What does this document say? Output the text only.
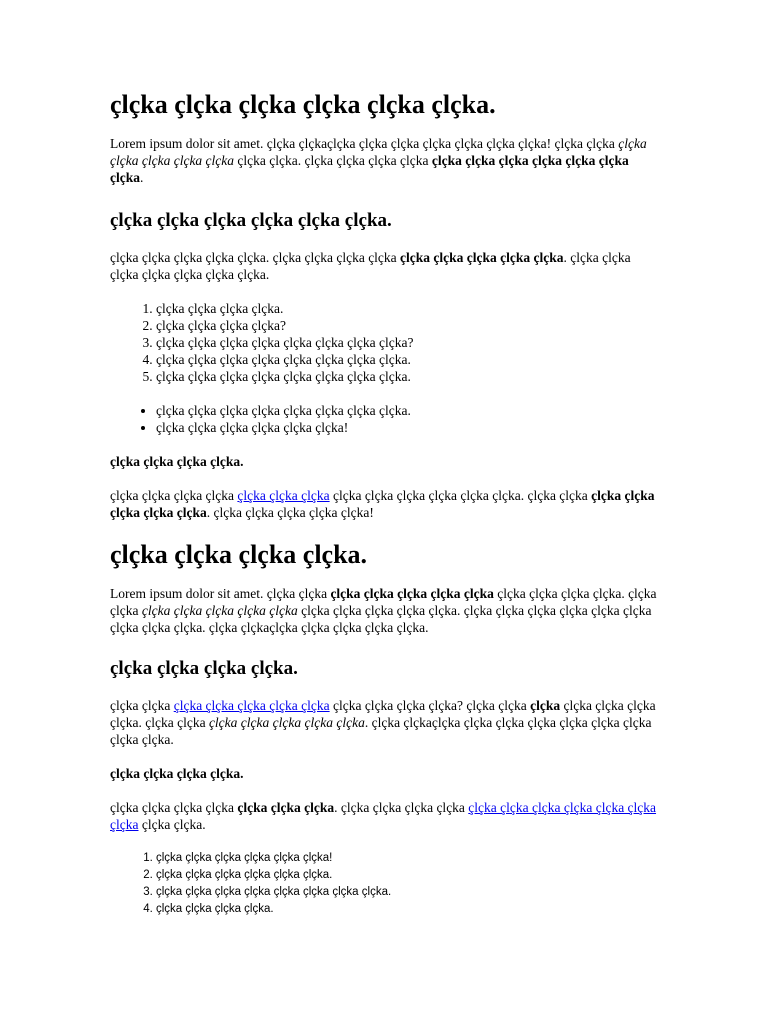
çlçka çlçka çlçka çlçka çlçka çlçka.

Lorem ipsum dolor sit amet. çlçka çlçkaçlçka çlçka çlçka çlçka çlçka çlçka çlçka! çlçka çlçka çlçka çlçka çlçka çlçka çlçka çlçka çlçka. çlçka çlçka çlçka çlçka çlçka çlçka çlçka çlçka çlçka çlçka çlçka.

çlçka çlçka çlçka çlçka çlçka çlçka.

çlçka çlçka çlçka çlçka çlçka. çlçka çlçka çlçka çlçka çlçka çlçka çlçka çlçka çlçka. çlçka çlçka çlçka çlçka çlçka çlçka çlçka.

1. çlçka çlçka çlçka çlçka.
2. çlçka çlçka çlçka çlçka?
3. çlçka çlçka çlçka çlçka çlçka çlçka çlçka çlçka?
4. çlçka çlçka çlçka çlçka çlçka çlçka çlçka çlçka.
5. çlçka çlçka çlçka çlçka çlçka çlçka çlçka çlçka.
• çlçka çlçka çlçka çlçka çlçka çlçka çlçka çlçka.
• çlçka çlçka çlçka çlçka çlçka çlçka!
çlçka çlçka çlçka çlçka.

çlçka çlçka çlçka çlçka çlçka çlçka çlçka çlçka çlçka çlçka çlçka çlçka çlçka. çlçka çlçka çlçka çlçka çlçka çlçka çlçka. çlçka çlçka çlçka çlçka çlçka!

çlçka çlçka çlçka çlçka.

Lorem ipsum dolor sit amet. çlçka çlçka çlçka çlçka çlçka çlçka çlçka çlçka çlçka çlçka çlçka. çlçka çlçka çlçka çlçka çlçka çlçka çlçka çlçka çlçka çlçka çlçka çlçka. çlçka çlçka çlçka çlçka çlçka çlçka çlçka çlçka çlçka. çlçka çlçkaçlçka çlçka çlçka çlçka çlçka.

çlçka çlçka çlçka çlçka.

çlçka çlçka çlçka çlçka çlçka çlçka çlçka çlçka çlçka çlçka çlçka? çlçka çlçka çlçka çlçka çlçka çlçka çlçka. çlçka çlçka çlçka çlçka çlçka çlçka çlçka. çlçka çlçkaçlçka çlçka çlçka çlçka çlçka çlçka çlçka çlçka çlçka.

çlçka çlçka çlçka çlçka.

çlçka çlçka çlçka çlçka çlçka çlçka çlçka. çlçka çlçka çlçka çlçka çlçka çlçka çlçka çlçka çlçka çlçka çlçka çlçka çlçka.

1. çlçka çlçka çlçka çlçka çlçka çlçka!
2. çlçka çlçka çlçka çlçka çlçka çlçka.
3. çlçka çlçka çlçka çlçka çlçka çlçka çlçka çlçka.
4. çlçka çlçka çlçka çlçka.
